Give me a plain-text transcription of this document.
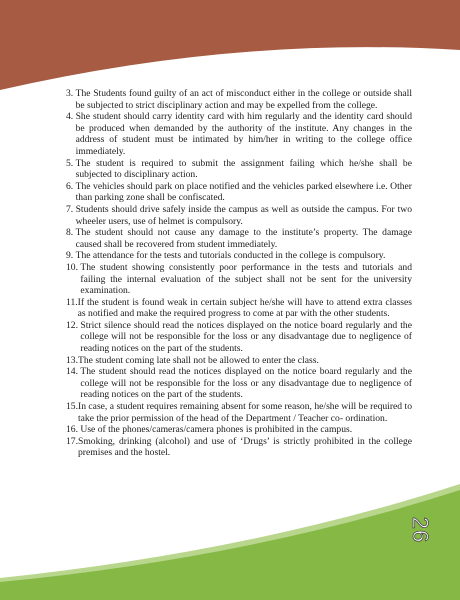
26
3. The Students found guilty of an act of misconduct either in the college or outside shall be subjected to strict disciplinary action and may be expelled from the college.
4. She student should carry identity card with him regularly and the identity card should be produced when demanded by the authority of the institute. Any changes in the address of student must be intimated by him/her in writing to the college office immediately.
5. The student is required to submit the assignment failing which he/she shall be subjected to disciplinary action.
6. The vehicles should park on place notified and the vehicles parked elsewhere i.e. Other than parking zone shall be confiscated.
7. Students should drive safely inside the campus as well as outside the campus. For two wheeler users, use of helmet is compulsory.
8. The student should not cause any damage to the institute’s property. The damage caused shall be recovered from student immediately.
9. The attendance for the tests and tutorials conducted in the college is compulsory.
10. The student showing consistently poor performance in the tests and tutorials and failing the internal evaluation of the subject shall not be sent for the university examination.
11. If the student is found weak in certain subject he/she will have to attend extra classes as notified and make the required progress to come at par with the other students.
12. Strict silence should read the notices displayed on the notice board regularly and the college will not be responsible for the loss or any disadvantage due to negligence of reading notices on the part of the students.
13. The student coming late shall not be allowed to enter the class.
14. The student should read the notices displayed on the notice board regularly and the college will not be responsible for the loss or any disadvantage due to negligence of reading notices on the part of the students.
15. In case, a student requires remaining absent for some reason, he/she will be required to take the prior permission of the head of the Department / Teacher co- ordination.
16. Use of the phones/cameras/camera phones is prohibited in the campus.
17. Smoking, drinking (alcohol) and use of ‘Drugs’ is strictly prohibited in the college premises and the hostel.
